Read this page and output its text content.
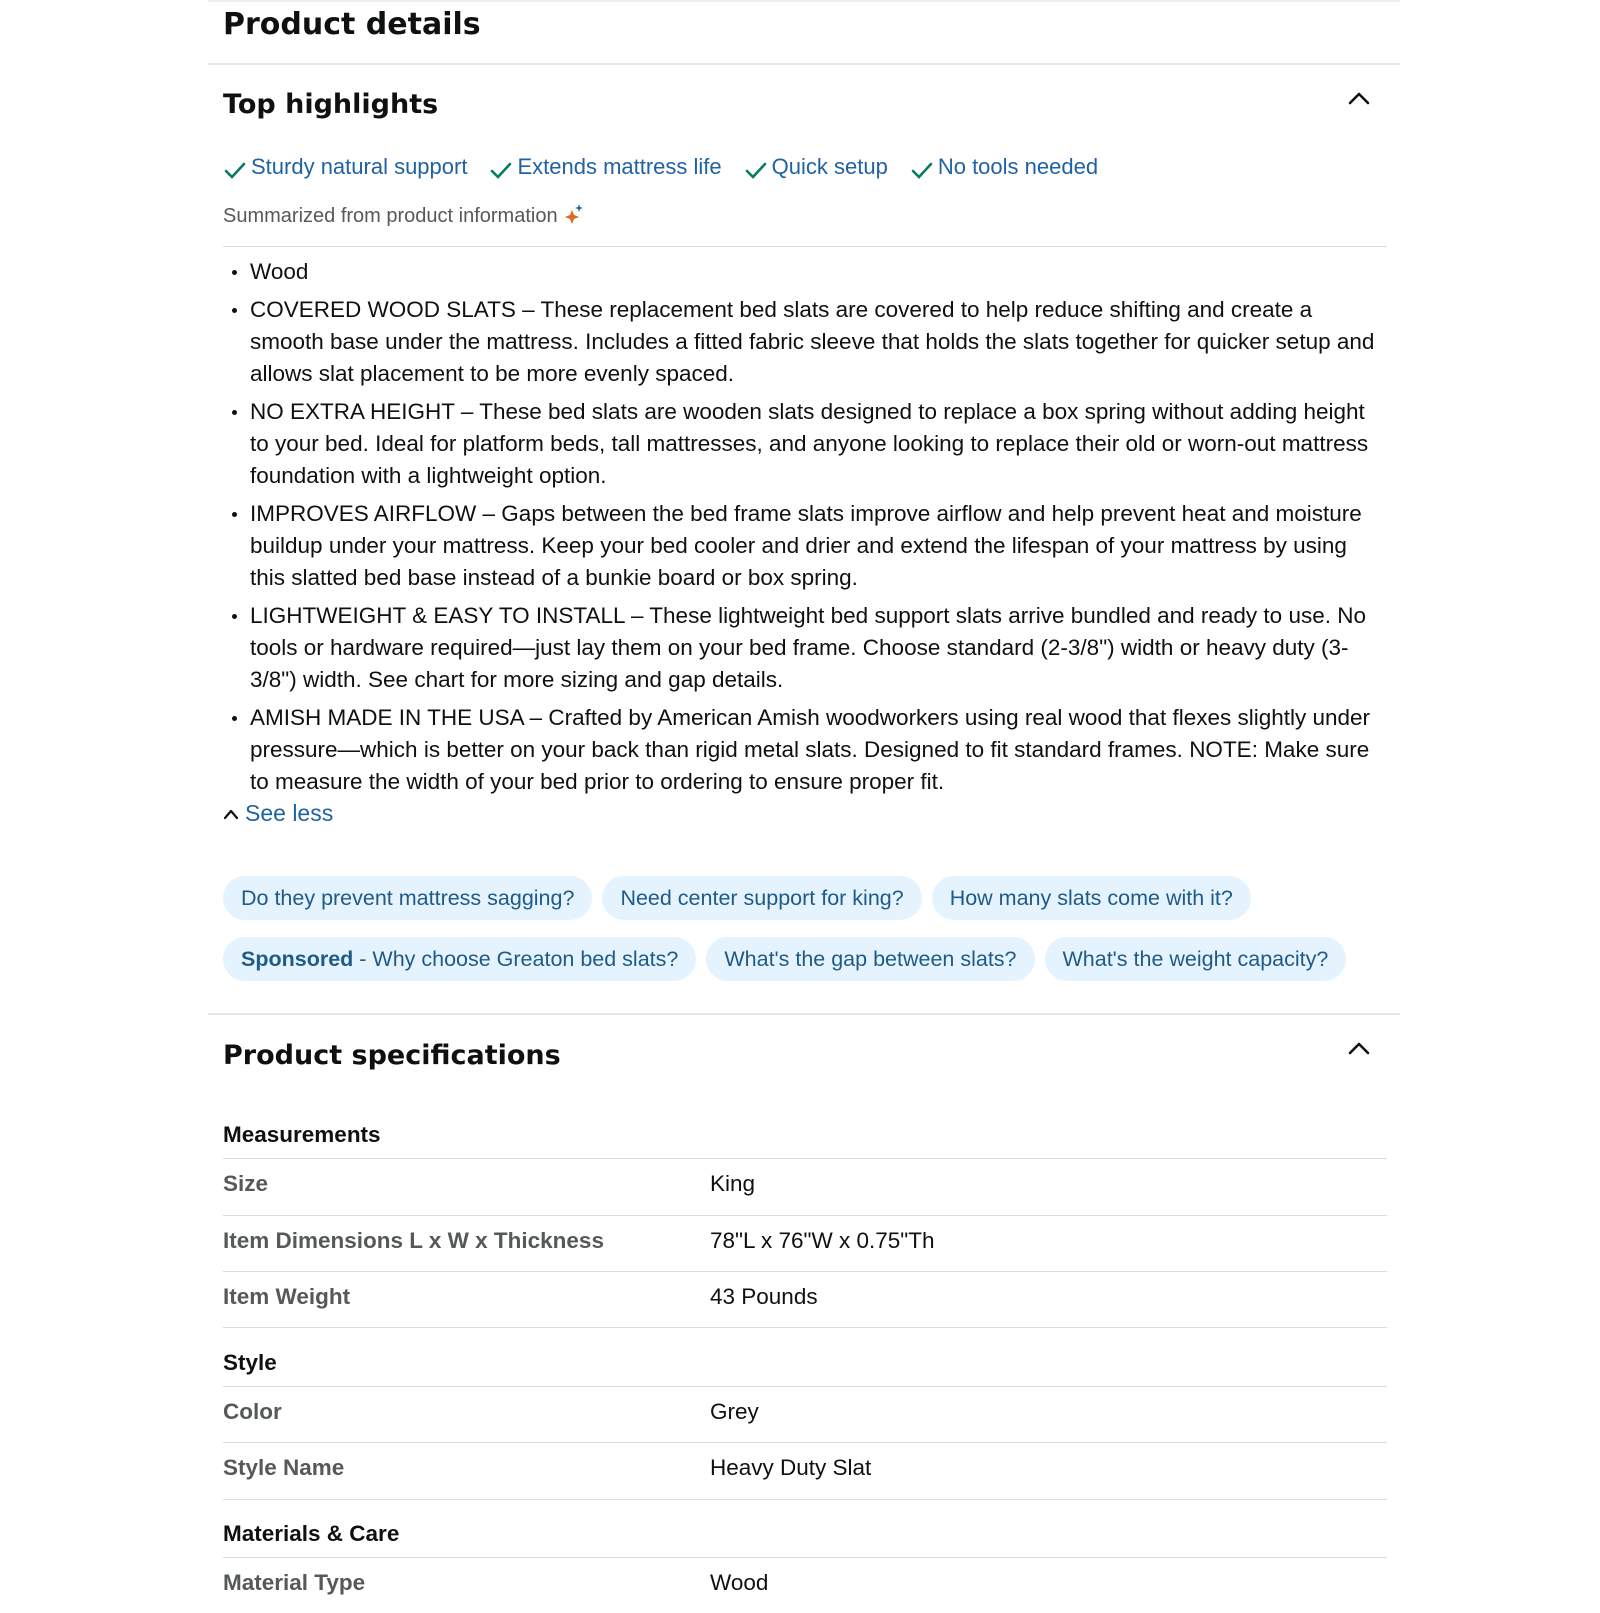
Product details
Top highlights
Sturdy natural support Extends mattress life Quick setup No tools needed
Summarized from product information
Wood
COVERED WOOD SLATS – These replacement bed slats are covered to help reduce shifting and create a smooth base under the mattress. Includes a fitted fabric sleeve that holds the slats together for quicker setup and allows slat placement to be more evenly spaced.
NO EXTRA HEIGHT – These bed slats are wooden slats designed to replace a box spring without adding height to your bed. Ideal for platform beds, tall mattresses, and anyone looking to replace their old or worn-out mattress foundation with a lightweight option.
IMPROVES AIRFLOW – Gaps between the bed frame slats improve airflow and help prevent heat and moisture buildup under your mattress. Keep your bed cooler and drier and extend the lifespan of your mattress by using this slatted bed base instead of a bunkie board or box spring.
LIGHTWEIGHT & EASY TO INSTALL – These lightweight bed support slats arrive bundled and ready to use. No tools or hardware required—just lay them on your bed frame. Choose standard (2-3/8") width or heavy duty (3-3/8") width. See chart for more sizing and gap details.
AMISH MADE IN THE USA – Crafted by American Amish woodworkers using real wood that flexes slightly under pressure—which is better on your back than rigid metal slats. Designed to fit standard frames. NOTE: Make sure to measure the width of your bed prior to ordering to ensure proper fit.
See less
Do they prevent mattress sagging?	Need center support for king?	How many slats come with it?
Sponsored - Why choose Greaton bed slats?	What's the gap between slats?	What's the weight capacity?
Product specifications
Measurements
Size	King
Item Dimensions L x W x Thickness	78"L x 76"W x 0.75"Th
Item Weight	43 Pounds
Style
Color	Grey
Style Name	Heavy Duty Slat
Materials & Care
Material Type	Wood
